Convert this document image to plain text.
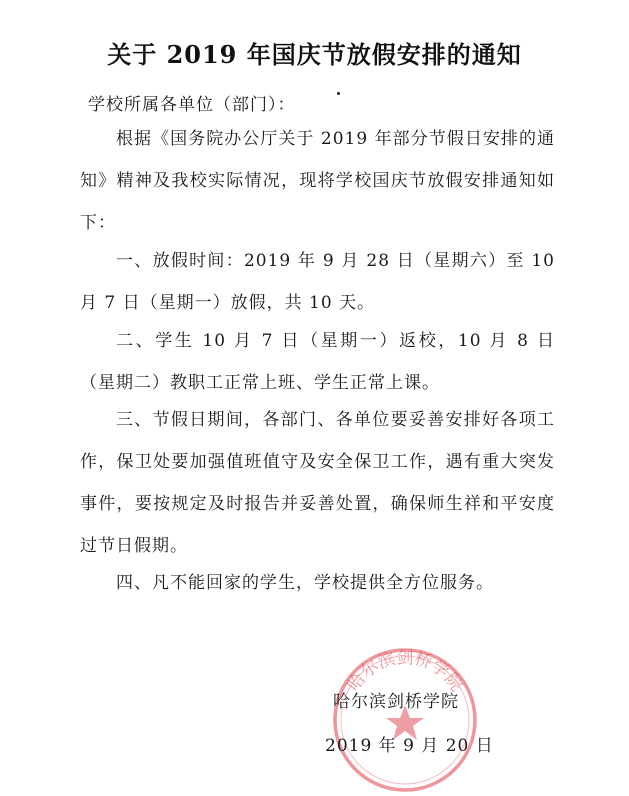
关于 2019 年国庆节放假安排的通知
学校所属各单位（部门）：
根据《国务院办公厅关于 2019 年部分节假日安排的通知》精神及我校实际情况，现将学校国庆节放假安排通知如下：
一、放假时间：2019 年 9 月 28 日（星期六）至 10 月 7 日（星期一）放假，共 10 天。
二、学生 10 月 7 日（星期一）返校，10 月 8 日（星期二）教职工正常上班、学生正常上课。
三、节假日期间，各部门、各单位要妥善安排好各项工作，保卫处要加强值班值守及安全保卫工作，遇有重大突发事件，要按规定及时报告并妥善处置，确保师生祥和平安度过节日假期。
四、凡不能回家的学生，学校提供全方位服务。
哈尔滨剑桥学院
哈尔滨剑桥学院
2019 年 9 月 20 日
